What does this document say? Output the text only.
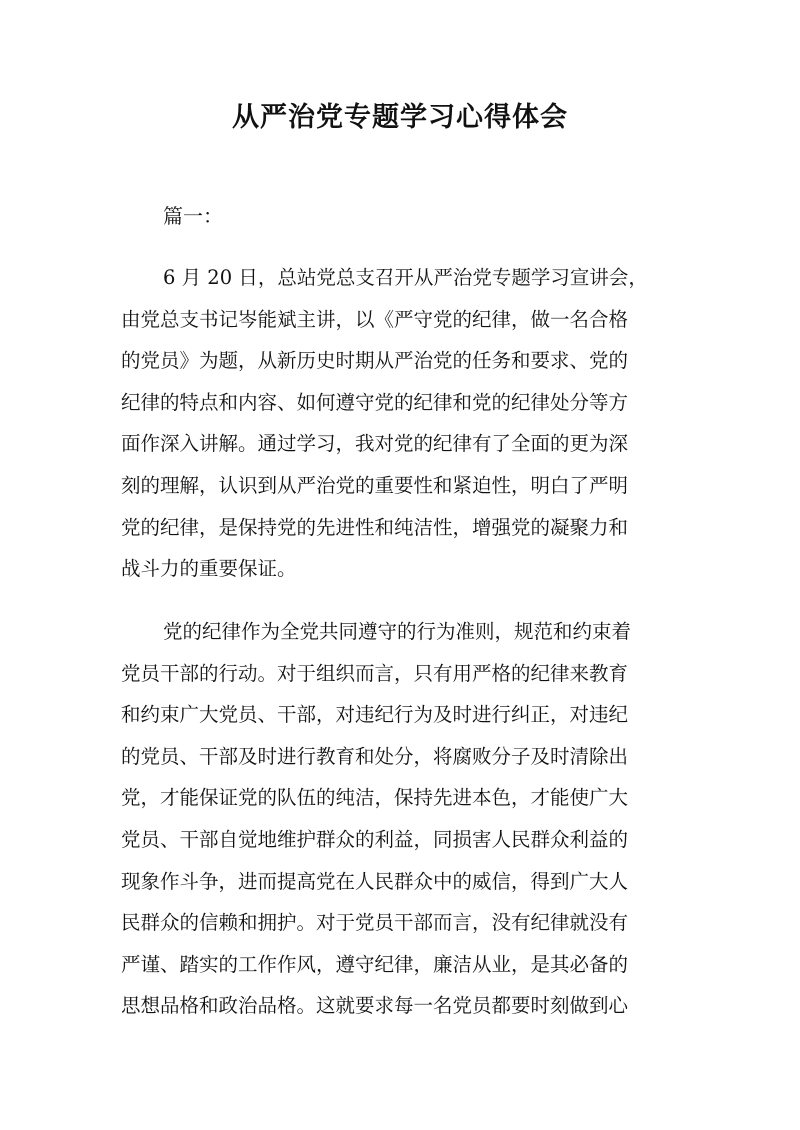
从严治党专题学习心得体会
篇一：
6 月 20 日，总站党总支召开从严治党专题学习宣讲会，
由党总支书记岑能斌主讲，以《严守党的纪律，做一名合格
的党员》为题，从新历史时期从严治党的任务和要求、党的
纪律的特点和内容、如何遵守党的纪律和党的纪律处分等方
面作深入讲解。通过学习，我对党的纪律有了全面的更为深
刻的理解，认识到从严治党的重要性和紧迫性，明白了严明
党的纪律，是保持党的先进性和纯洁性，增强党的凝聚力和
战斗力的重要保证。
党的纪律作为全党共同遵守的行为准则，规范和约束着
党员干部的行动。对于组织而言，只有用严格的纪律来教育
和约束广大党员、干部，对违纪行为及时进行纠正，对违纪
的党员、干部及时进行教育和处分，将腐败分子及时清除出
党，才能保证党的队伍的纯洁，保持先进本色，才能使广大
党员、干部自觉地维护群众的利益，同损害人民群众利益的
现象作斗争，进而提高党在人民群众中的威信，得到广大人
民群众的信赖和拥护。对于党员干部而言，没有纪律就没有
严谨、踏实的工作作风，遵守纪律，廉洁从业，是其必备的
思想品格和政治品格。这就要求每一名党员都要时刻做到心
